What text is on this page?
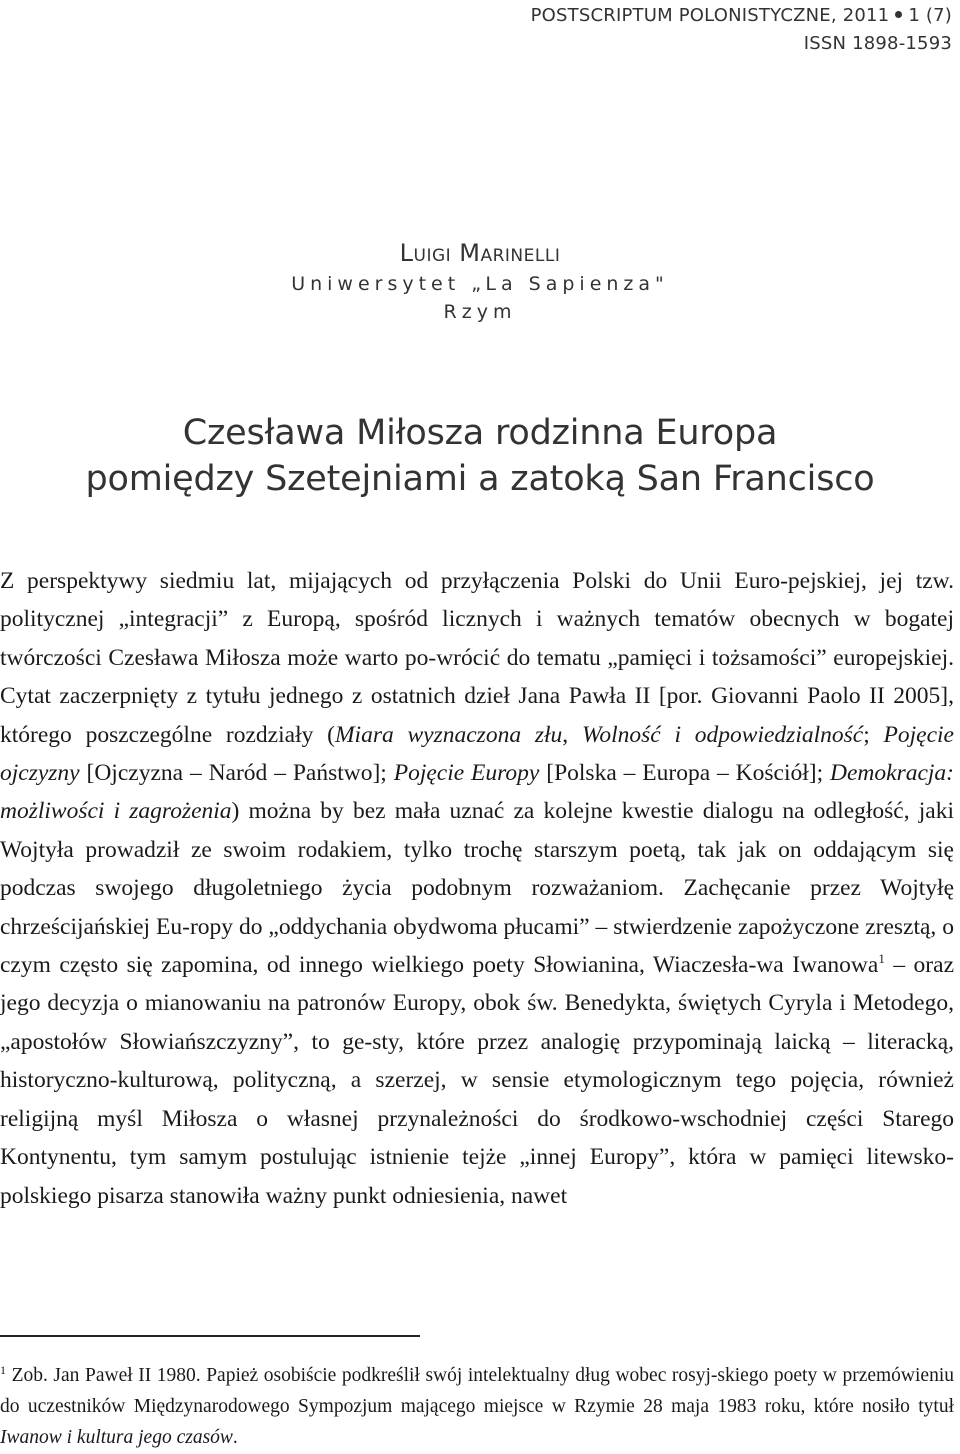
POSTSCRIPTUM POLONISTYCZNE, 2011 1 (7)
ISSN 1898-1593
Luigi Marinelli
Uniwersytet „La Sapienza"
Rzym
Czesława Miłosza rodzinna Europa
pomiędzy Szetejniami a zatoką San Francisco

Z perspektywy siedmiu lat, mijających od przyłączenia Polski do Unii Euro-pejskiej, jej tzw. politycznej „integracji” z Europą, spośród licznych i ważnych tematów obecnych w bogatej twórczości Czesława Miłosza może warto po-wrócić do tematu „pamięci i tożsamości” europejskiej. Cytat zaczerpnięty z tytułu jednego z ostatnich dzieł Jana Pawła II [por. Giovanni Paolo II 2005], którego poszczególne rozdziały (Miara wyznaczona złu, Wolność i odpowiedzialność; Pojęcie ojczyzny [Ojczyzna – Naród – Państwo]; Pojęcie Europy [Polska – Europa – Kościół]; Demokracja: możliwości i zagrożenia) można by bez mała uznać za kolejne kwestie dialogu na odległość, jaki Wojtyła prowadził ze swoim rodakiem, tylko trochę starszym poetą, tak jak on oddającym się podczas swojego długoletniego życia podobnym rozważaniom. Zachęcanie przez Wojtyłę chrześcijańskiej Eu-ropy do „oddychania obydwoma płucami” – stwierdzenie zapożyczone zresztą, o czym często się zapomina, od innego wielkiego poety Słowianina, Wiaczesła-wa Iwanowa$^1$ – oraz jego decyzja o mianowaniu na patronów Europy, obok św. Benedykta, świętych Cyryla i Metodego, „apostołów Słowiańszczyzny”, to ge-sty, które przez analogię przypominają laicką – literacką, historyczno-kulturową, polityczną, a szerzej, w sensie etymologicznym tego pojęcia, również religijną myśl Miłosza o własnej przynależności do środkowo-wschodniej części Starego Kontynentu, tym samym postulując istnienie tejże „innej Europy”, która w pamięci litewsko-polskiego pisarza stanowiła ważny punkt odniesienia, nawet

$^1$ Zob. Jan Paweł II 1980. Papież osobiście podkreślił swój intelektualny dług wobec rosyj-skiego poety w przemówieniu do uczestników Międzynarodowego Sympozjum mającego miejsce w Rzymie 28 maja 1983 roku, które nosiło tytuł Iwanow i kultura jego czasów.
